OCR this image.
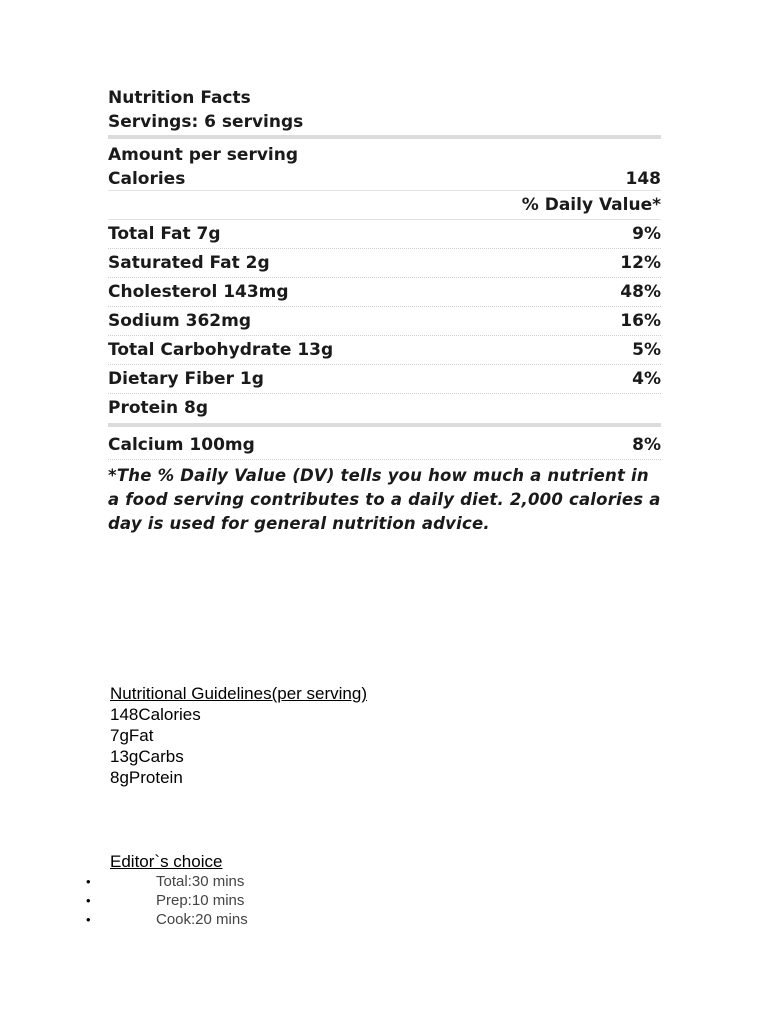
Nutrition Facts
Servings: 6 servings
Amount per serving
Calories	148
% Daily Value*
Total Fat 7g	9%
Saturated Fat 2g	12%
Cholesterol 143mg	48%
Sodium 362mg	16%
Total Carbohydrate 13g	5%
Dietary Fiber 1g	4%
Protein 8g
Calcium 100mg	8%
*The % Daily Value (DV) tells you how much a nutrient in a food serving contributes to a daily diet. 2,000 calories a day is used for general nutrition advice.
Nutritional Guidelines(per serving)
148Calories
7gFat
13gCarbs
8gProtein
Editor`s choice
•	Total:30 mins
•	Prep:10 mins
•	Cook:20 mins
